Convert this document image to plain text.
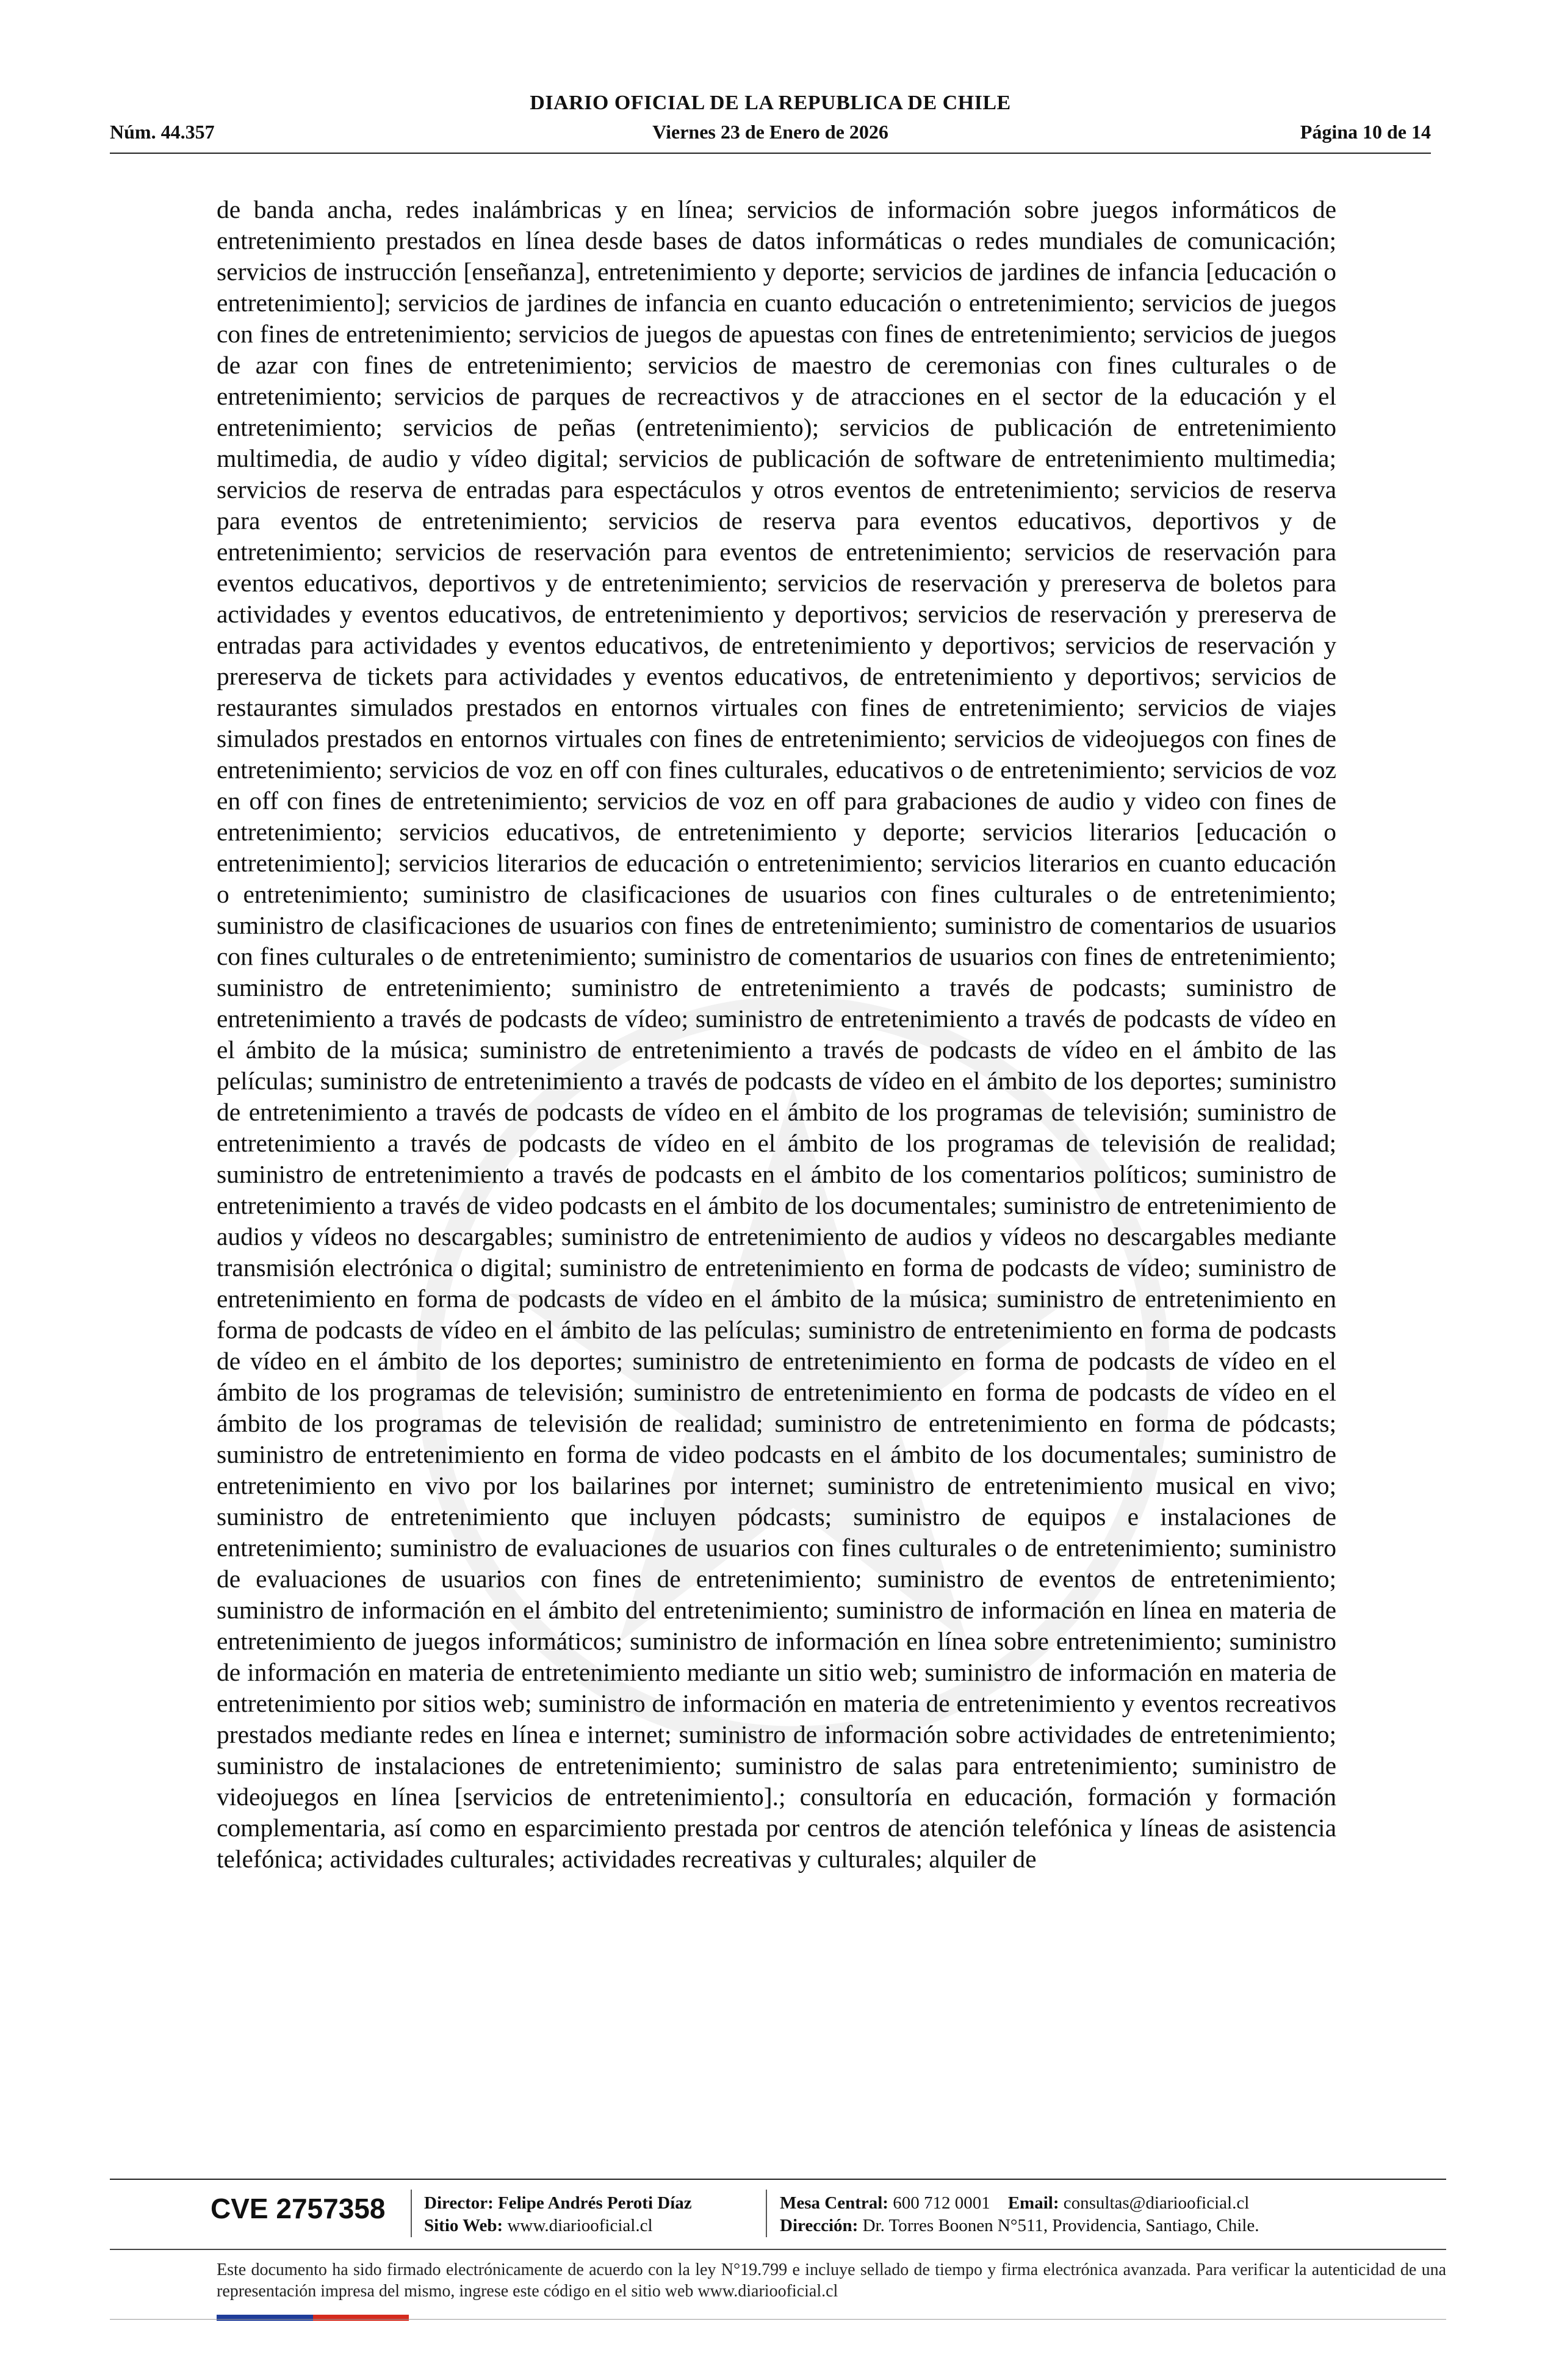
DIARIO OFICIAL DE LA REPUBLICA DE CHILE
Núm. 44.357	Viernes 23 de Enero de 2026	Página 10 de 14
de banda ancha, redes inalámbricas y en línea; servicios de información sobre juegos informáticos de entretenimiento prestados en línea desde bases de datos informáticas o redes mundiales de comunicación; servicios de instrucción [enseñanza], entretenimiento y deporte; servicios de jardines de infancia [educación o entretenimiento]; servicios de jardines de infancia en cuanto educación o entretenimiento; servicios de juegos con fines de entretenimiento; servicios de juegos de apuestas con fines de entretenimiento; servicios de juegos de azar con fines de entretenimiento; servicios de maestro de ceremonias con fines culturales o de entretenimiento; servicios de parques de recreactivos y de atracciones en el sector de la educación y el entretenimiento; servicios de peñas (entretenimiento); servicios de publicación de entretenimiento multimedia, de audio y vídeo digital; servicios de publicación de software de entretenimiento multimedia; servicios de reserva de entradas para espectáculos y otros eventos de entretenimiento; servicios de reserva para eventos de entretenimiento; servicios de reserva para eventos educativos, deportivos y de entretenimiento; servicios de reservación para eventos de entretenimiento; servicios de reservación para eventos educativos, deportivos y de entretenimiento; servicios de reservación y prereserva de boletos para actividades y eventos educativos, de entretenimiento y deportivos; servicios de reservación y prereserva de entradas para actividades y eventos educativos, de entretenimiento y deportivos; servicios de reservación y prereserva de tickets para actividades y eventos educativos, de entretenimiento y deportivos; servicios de restaurantes simulados prestados en entornos virtuales con fines de entretenimiento; servicios de viajes simulados prestados en entornos virtuales con fines de entretenimiento; servicios de videojuegos con fines de entretenimiento; servicios de voz en off con fines culturales, educativos o de entretenimiento; servicios de voz en off con fines de entretenimiento; servicios de voz en off para grabaciones de audio y video con fines de entretenimiento; servicios educativos, de entretenimiento y deporte; servicios literarios [educación o entretenimiento]; servicios literarios de educación o entretenimiento; servicios literarios en cuanto educación o entretenimiento; suministro de clasificaciones de usuarios con fines culturales o de entretenimiento; suministro de clasificaciones de usuarios con fines de entretenimiento; suministro de comentarios de usuarios con fines culturales o de entretenimiento; suministro de comentarios de usuarios con fines de entretenimiento; suministro de entretenimiento; suministro de entretenimiento a través de podcasts; suministro de entretenimiento a través de podcasts de vídeo; suministro de entretenimiento a través de podcasts de vídeo en el ámbito de la música; suministro de entretenimiento a través de podcasts de vídeo en el ámbito de las películas; suministro de entretenimiento a través de podcasts de vídeo en el ámbito de los deportes; suministro de entretenimiento a través de podcasts de vídeo en el ámbito de los programas de televisión; suministro de entretenimiento a través de podcasts de vídeo en el ámbito de los programas de televisión de realidad; suministro de entretenimiento a través de podcasts en el ámbito de los comentarios políticos; suministro de entretenimiento a través de video podcasts en el ámbito de los documentales; suministro de entretenimiento de audios y vídeos no descargables; suministro de entretenimiento de audios y vídeos no descargables mediante transmisión electrónica o digital; suministro de entretenimiento en forma de podcasts de vídeo; suministro de entretenimiento en forma de podcasts de vídeo en el ámbito de la música; suministro de entretenimiento en forma de podcasts de vídeo en el ámbito de las películas; suministro de entretenimiento en forma de podcasts de vídeo en el ámbito de los deportes; suministro de entretenimiento en forma de podcasts de vídeo en el ámbito de los programas de televisión; suministro de entretenimiento en forma de podcasts de vídeo en el ámbito de los programas de televisión de realidad; suministro de entretenimiento en forma de pódcasts; suministro de entretenimiento en forma de video podcasts en el ámbito de los documentales; suministro de entretenimiento en vivo por los bailarines por internet; suministro de entretenimiento musical en vivo; suministro de entretenimiento que incluyen pódcasts; suministro de equipos e instalaciones de entretenimiento; suministro de evaluaciones de usuarios con fines culturales o de entretenimiento; suministro de evaluaciones de usuarios con fines de entretenimiento; suministro de eventos de entretenimiento; suministro de información en el ámbito del entretenimiento; suministro de información en línea en materia de entretenimiento de juegos informáticos; suministro de información en línea sobre entretenimiento; suministro de información en materia de entretenimiento mediante un sitio web; suministro de información en materia de entretenimiento por sitios web; suministro de información en materia de entretenimiento y eventos recreativos prestados mediante redes en línea e internet; suministro de información sobre actividades de entretenimiento; suministro de instalaciones de entretenimiento; suministro de salas para entretenimiento; suministro de videojuegos en línea [servicios de entretenimiento].; consultoría en educación, formación y formación complementaria, así como en esparcimiento prestada por centros de atención telefónica y líneas de asistencia telefónica; actividades culturales; actividades recreativas y culturales; alquiler de
CVE 2757358 Director: Felipe Andrés Peroti Díaz
Sitio Web: www.diariooficial.cl
Mesa Central: 600 712 0001 Email: consultas@diariooficial.cl
Dirección: Dr. Torres Boonen N°511, Providencia, Santiago, Chile.
Este documento ha sido firmado electrónicamente de acuerdo con la ley N°19.799 e incluye sellado de tiempo y firma electrónica avanzada. Para verificar la autenticidad de una representación impresa del mismo, ingrese este código en el sitio web www.diariooficial.cl
